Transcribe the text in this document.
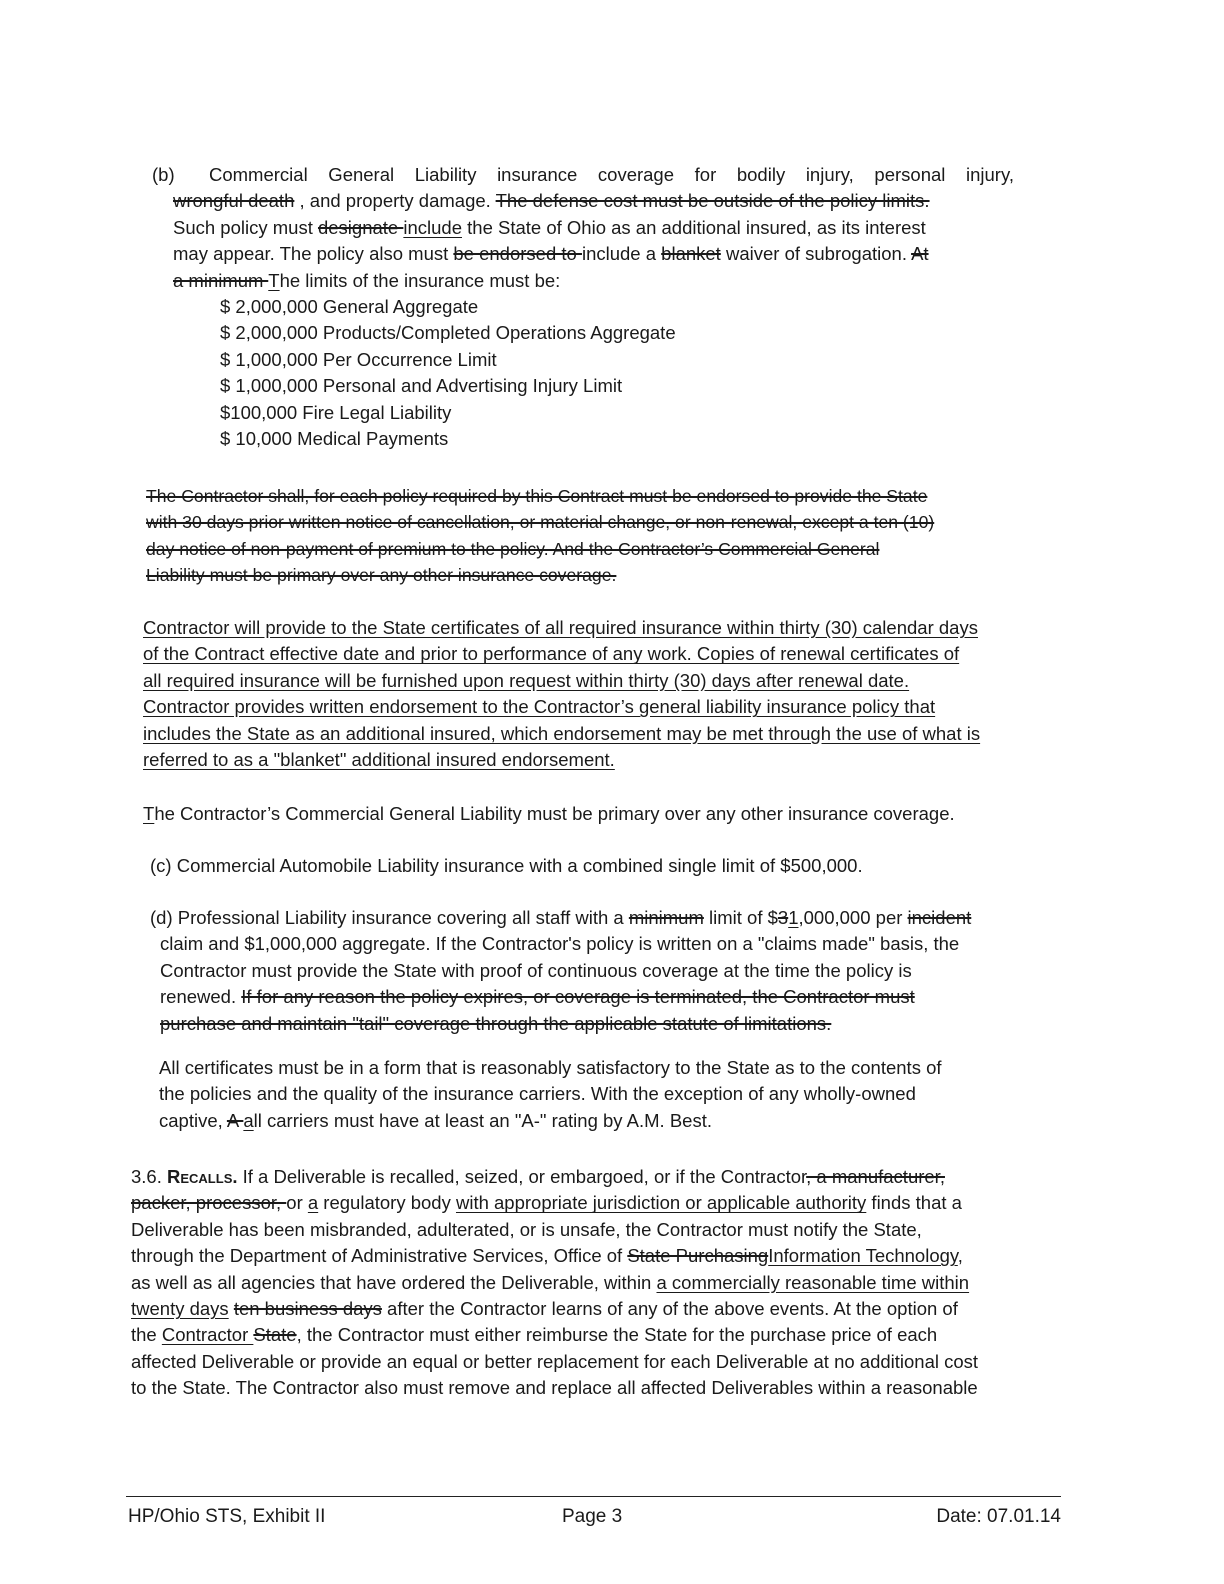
(b)	Commercial General Liability insurance coverage for bodily injury, personal injury,
wrongful death , and property damage. The defense cost must be outside of the policy limits.
Such policy must designate include the State of Ohio as an additional insured, as its interest
may appear. The policy also must be endorsed to include a blanket waiver of subrogation. At
a minimum The limits of the insurance must be:
$ 2,000,000 General Aggregate
$ 2,000,000 Products/Completed Operations Aggregate
$ 1,000,000 Per Occurrence Limit
$ 1,000,000 Personal and Advertising Injury Limit
$100,000 Fire Legal Liability
$ 10,000 Medical Payments
The Contractor shall, for each policy required by this Contract must be endorsed to provide the State
with 30 days prior written notice of cancellation, or material change, or non-renewal, except a ten (10)
day notice of non-payment of premium to the policy. And the Contractor’s Commercial General
Liability must be primary over any other insurance coverage.
Contractor will provide to the State certificates of all required insurance within thirty (30) calendar days
of the Contract effective date and prior to performance of any work. Copies of renewal certificates of
all required insurance will be furnished upon request within thirty (30) days after renewal date.
Contractor provides written endorsement to the Contractor’s general liability insurance policy that
includes the State as an additional insured, which endorsement may be met through the use of what is
referred to as a "blanket" additional insured endorsement.
The Contractor’s Commercial General Liability must be primary over any other insurance coverage.
(c) Commercial Automobile Liability insurance with a combined single limit of $500,000.
(d) Professional Liability insurance covering all staff with a minimum limit of $31,000,000 per incident
claim and $1,000,000 aggregate. If the Contractor's policy is written on a "claims made" basis, the
Contractor must provide the State with proof of continuous coverage at the time the policy is
renewed. If for any reason the policy expires, or coverage is terminated, the Contractor must
purchase and maintain "tail" coverage through the applicable statute of limitations.
All certificates must be in a form that is reasonably satisfactory to the State as to the contents of
the policies and the quality of the insurance carriers. With the exception of any wholly-owned
captive, A all carriers must have at least an "A-" rating by A.M. Best.
3.6. Recalls. If a Deliverable is recalled, seized, or embargoed, or if the Contractor, a manufacturer,
packer, processor, or a regulatory body with appropriate jurisdiction or applicable authority finds that a
Deliverable has been misbranded, adulterated, or is unsafe, the Contractor must notify the State,
through the Department of Administrative Services, Office of State PurchasingInformation Technology,
as well as all agencies that have ordered the Deliverable, within a commercially reasonable time within
twenty days ten business days after the Contractor learns of any of the above events. At the option of
the Contractor State, the Contractor must either reimburse the State for the purchase price of each
affected Deliverable or provide an equal or better replacement for each Deliverable at no additional cost
to the State. The Contractor also must remove and replace all affected Deliverables within a reasonable
HP/Ohio STS, Exhibit II	Page 3	Date: 07.01.14
